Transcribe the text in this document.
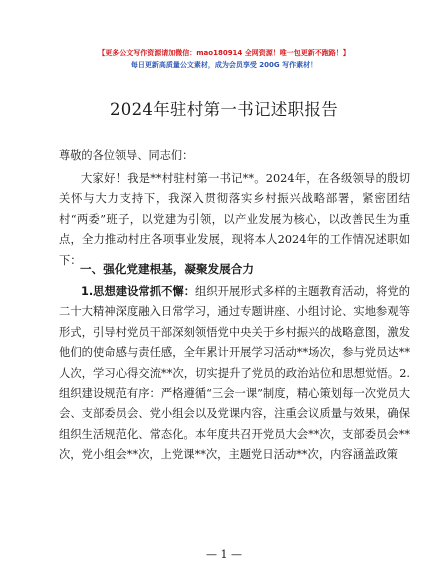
【更多公文写作资源请加微信：mao180914 全网资源！唯一包更新不跑路！】
每日更新高质量公文素材，成为会员享受 200G 写作素材！
2024年驻村第一书记述职报告
尊敬的各位领导、同志们：

大家好！我是**村驻村第一书记**。2024年，在各级领导的殷切关怀与大力支持下，我深入贯彻落实乡村振兴战略部署，紧密团结村“两委”班子，以党建为引领，以产业发展为核心，以改善民生为重点，全力推动村庄各项事业发展，现将本人2024年的工作情况述职如下：

一、强化党建根基，凝聚发展合力

1.思想建设常抓不懈：组织开展形式多样的主题教育活动，将党的二十大精神深度融入日常学习，通过专题讲座、小组讨论、实地参观等形式，引导村党员干部深刻领悟党中央关于乡村振兴的战略意图，激发他们的使命感与责任感，全年累计开展学习活动**场次，参与党员达**人次，学习心得交流**次，切实提升了党员的政治站位和思想觉悟。2.组织建设规范有序：严格遵循“三会一课”制度，精心策划每一次党员大会、支部委员会、党小组会以及党课内容，注重会议质量与效果，确保组织生活规范化、常态化。本年度共召开党员大会**次，支部委员会**次，党小组会**次，上党课**次，主题党日活动**次，内容涵盖政策

— 1 —
